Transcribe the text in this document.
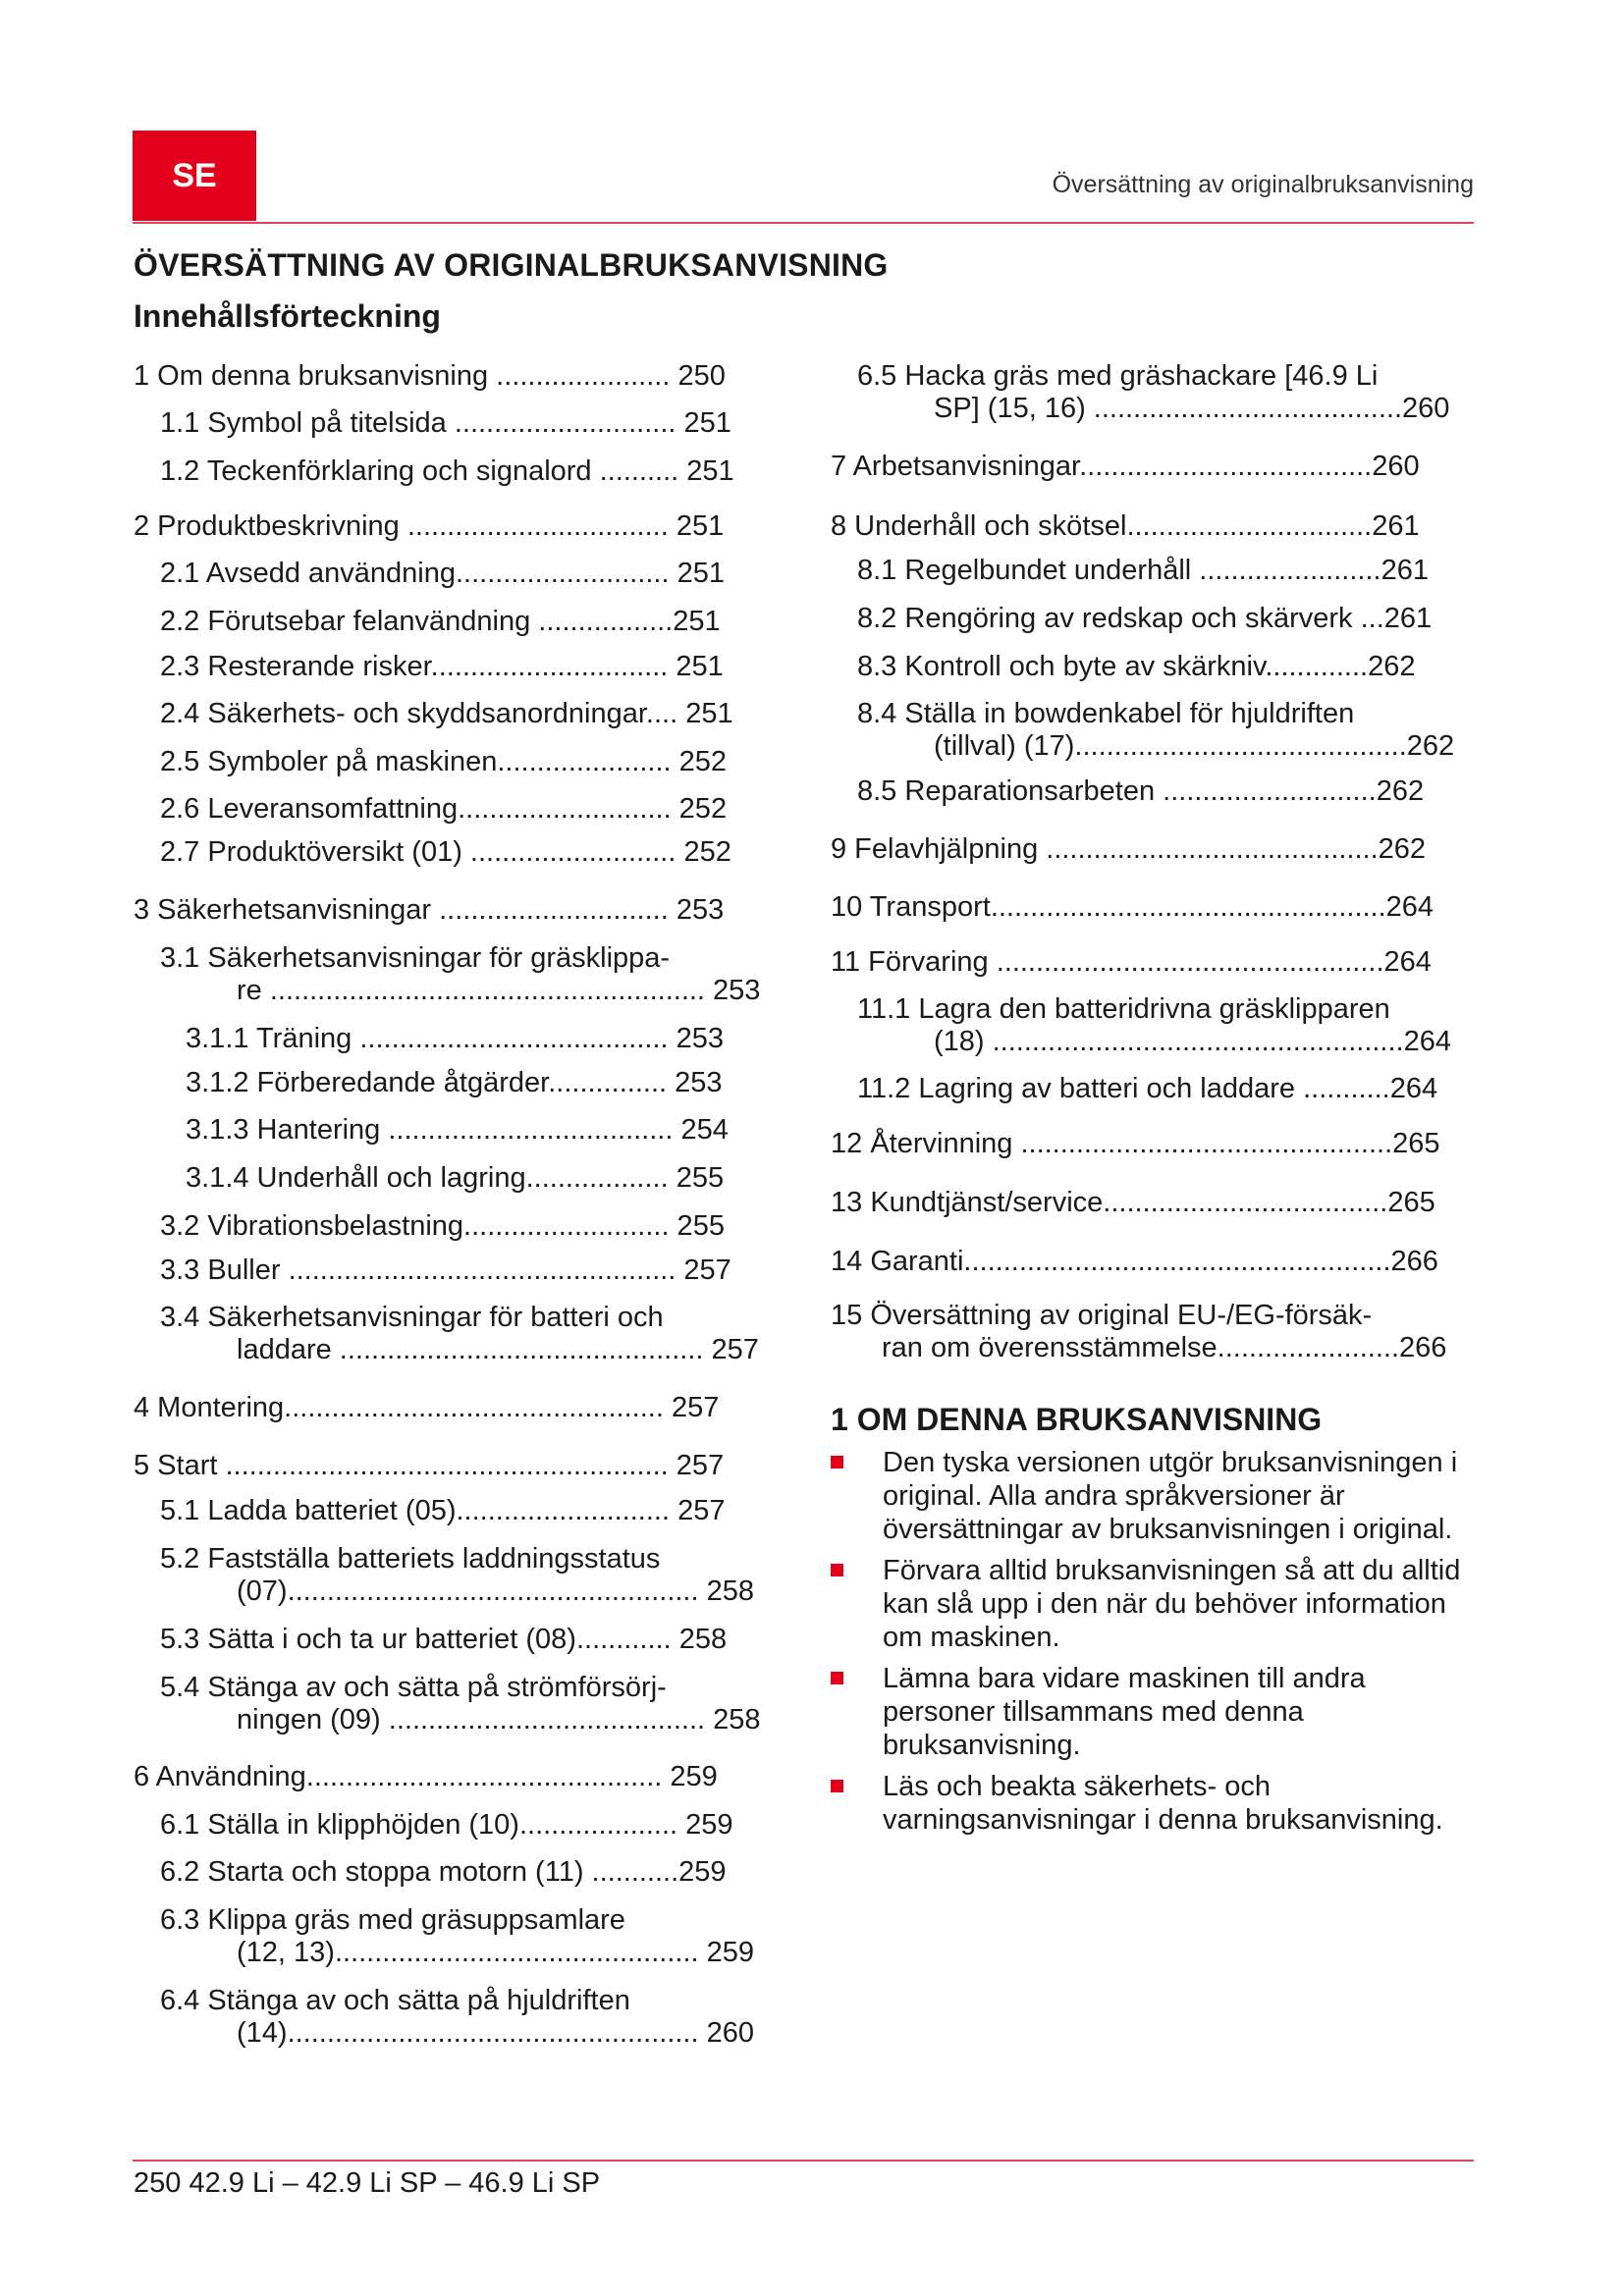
SE	Översättning av originalbruksanvisning
ÖVERSÄTTNING AV ORIGINALBRUKSANVISNING
Innehållsförteckning
1 Om denna bruksanvisning ...................... 250
1.1 Symbol på titelsida ............................ 251
1.2 Teckenförklaring och signalord .......... 251
2 Produktbeskrivning ................................. 251
2.1 Avsedd användning........................... 251
2.2 Förutsebar felanvändning .................251
2.3 Resterande risker.............................. 251
2.4 Säkerhets- och skyddsanordningar.... 251
2.5 Symboler på maskinen...................... 252
2.6 Leveransomfattning........................... 252
2.7 Produktöversikt (01) .......................... 252
3 Säkerhetsanvisningar ............................. 253
3.1 Säkerhetsanvisningar för gräsklippa-
re ....................................................... 253
3.1.1 Träning ....................................... 253
3.1.2 Förberedande åtgärder............... 253
3.1.3 Hantering .................................... 254
3.1.4 Underhåll och lagring.................. 255
3.2 Vibrationsbelastning.......................... 255
3.3 Buller ................................................. 257
3.4 Säkerhetsanvisningar för batteri och
laddare .............................................. 257
4 Montering................................................ 257
5 Start ........................................................ 257
5.1 Ladda batteriet (05)........................... 257
5.2 Fastställa batteriets laddningsstatus
(07).................................................... 258
5.3 Sätta i och ta ur batteriet (08)............ 258
5.4 Stänga av och sätta på strömförsörj-
ningen (09) ........................................ 258
6 Användning............................................. 259
6.1 Ställa in klipphöjden (10).................... 259
6.2 Starta och stoppa motorn (11) ...........259
6.3 Klippa gräs med gräsuppsamlare
(12, 13).............................................. 259
6.4 Stänga av och sätta på hjuldriften
(14).................................................... 260
6.5 Hacka gräs med gräshackare [46.9 Li
SP] (15, 16) .......................................260
7 Arbetsanvisningar.....................................260
8 Underhåll och skötsel...............................261
8.1 Regelbundet underhåll .......................261
8.2 Rengöring av redskap och skärverk ...261
8.3 Kontroll och byte av skärkniv.............262
8.4 Ställa in bowdenkabel för hjuldriften
(tillval) (17)..........................................262
8.5 Reparationsarbeten ...........................262
9 Felavhjälpning ..........................................262
10 Transport..................................................264
11 Förvaring .................................................264
11.1 Lagra den batteridrivna gräsklipparen
(18) ....................................................264
11.2 Lagring av batteri och laddare ...........264
12 Återvinning ...............................................265
13 Kundtjänst/service....................................265
14 Garanti......................................................266
15 Översättning av original EU-/EG-försäk-
ran om överensstämmelse.......................266
1 OM DENNA BRUKSANVISNING
Den tyska versionen utgör bruksanvisningen i original. Alla andra språkversioner är översättningar av bruksanvisningen i original.
Förvara alltid bruksanvisningen så att du alltid kan slå upp i den när du behöver information om maskinen.
Lämna bara vidare maskinen till andra personer tillsammans med denna bruksanvisning.
Läs och beakta säkerhets- och varningsanvisningar i denna bruksanvisning.
250 42.9 Li – 42.9 Li SP – 46.9 Li SP
